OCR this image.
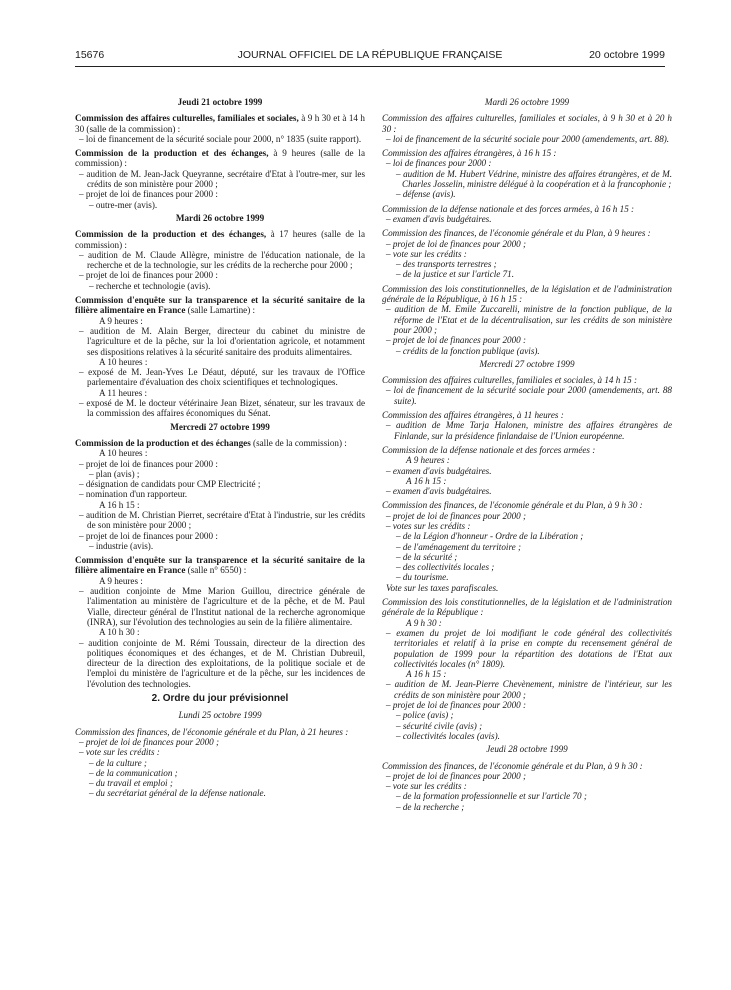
15676	JOURNAL OFFICIEL DE LA RÉPUBLIQUE FRANÇAISE	20 octobre 1999

Jeudi 21 octobre 1999

Commission des affaires culturelles, familiales et sociales, à 9 h 30 et à 14 h 30 (salle de la commission) :

– loi de financement de la sécurité sociale pour 2000, n° 1835 (suite rapport).

Commission de la production et des échanges, à 9 heures (salle de la commission) :

– audition de M. Jean-Jack Queyranne, secrétaire d'Etat à l'outre-mer, sur les crédits de son ministère pour 2000 ;

– projet de loi de finances pour 2000 :

– outre-mer (avis).

Mardi 26 octobre 1999

Commission de la production et des échanges, à 17 heures (salle de la commission) :

– audition de M. Claude Allègre, ministre de l'éducation nationale, de la recherche et de la technologie, sur les crédits de la recherche pour 2000 ;

– projet de loi de finances pour 2000 :

– recherche et technologie (avis).

Commission d'enquête sur la transparence et la sécurité sanitaire de la filière alimentaire en France (salle Lamartine) :

A 9 heures :

– audition de M. Alain Berger, directeur du cabinet du ministre de l'agriculture et de la pêche, sur la loi d'orientation agricole, et notamment ses dispositions relatives à la sécurité sanitaire des produits alimentaires.

A 10 heures :

– exposé de M. Jean-Yves Le Déaut, député, sur les travaux de l'Office parlementaire d'évaluation des choix scientifiques et technologiques.

A 11 heures :

– exposé de M. le docteur vétérinaire Jean Bizet, sénateur, sur les travaux de la commission des affaires économiques du Sénat.

Mercredi 27 octobre 1999

Commission de la production et des échanges (salle de la commission) :

A 10 heures :

– projet de loi de finances pour 2000 :

– plan (avis) ;

– désignation de candidats pour CMP Electricité ;

– nomination d'un rapporteur.

A 16 h 15 :

– audition de M. Christian Pierret, secrétaire d'Etat à l'industrie, sur les crédits de son ministère pour 2000 ;

– projet de loi de finances pour 2000 :

– industrie (avis).

Commission d'enquête sur la transparence et la sécurité sanitaire de la filière alimentaire en France (salle n° 6550) :

A 9 heures :

– audition conjointe de Mme Marion Guillou, directrice générale de l'alimentation au ministère de l'agriculture et de la pêche, et de M. Paul Vialle, directeur général de l'Institut national de la recherche agronomique (INRA), sur l'évolution des technologies au sein de la filière alimentaire.

A 10 h 30 :

– audition conjointe de M. Rémi Toussain, directeur de la direction des politiques économiques et des échanges, et de M. Christian Dubreuil, directeur de la direction des exploitations, de la politique sociale et de l'emploi du ministère de l'agriculture et de la pêche, sur les incidences de l'évolution des technologies.

2. Ordre du jour prévisionnel

Lundi 25 octobre 1999

Commission des finances, de l'économie générale et du Plan, à 21 heures :

– projet de loi de finances pour 2000 ;

– vote sur les crédits :

– de la culture ;

– de la communication ;

– du travail et emploi ;

– du secrétariat général de la défense nationale.

Mardi 26 octobre 1999

Commission des affaires culturelles, familiales et sociales, à 9 h 30 et à 20 h 30 :

– loi de financement de la sécurité sociale pour 2000 (amendements, art. 88).

Commission des affaires étrangères, à 16 h 15 :

– loi de finances pour 2000 :

– audition de M. Hubert Védrine, ministre des affaires étrangères, et de M. Charles Josselin, ministre délégué à la coopération et à la francophonie ;

– défense (avis).

Commission de la défense nationale et des forces armées, à 16 h 15 :

– examen d'avis budgétaires.

Commission des finances, de l'économie générale et du Plan, à 9 heures :

– projet de loi de finances pour 2000 ;

– vote sur les crédits :

– des transports terrestres ;

– de la justice et sur l'article 71.

Commission des lois constitutionnelles, de la législation et de l'administration générale de la République, à 16 h 15 :

– audition de M. Emile Zuccarelli, ministre de la fonction publique, de la réforme de l'Etat et de la décentralisation, sur les crédits de son ministère pour 2000 ;

– projet de loi de finances pour 2000 :

– crédits de la fonction publique (avis).

Mercredi 27 octobre 1999

Commission des affaires culturelles, familiales et sociales, à 14 h 15 :

– loi de financement de la sécurité sociale pour 2000 (amendements, art. 88 suite).

Commission des affaires étrangères, à 11 heures :

– audition de Mme Tarja Halonen, ministre des affaires étrangères de Finlande, sur la présidence finlandaise de l'Union européenne.

Commission de la défense nationale et des forces armées :

A 9 heures :

– examen d'avis budgétaires.

A 16 h 15 :

– examen d'avis budgétaires.

Commission des finances, de l'économie générale et du Plan, à 9 h 30 :

– projet de loi de finances pour 2000 ;

– votes sur les crédits :

– de la Légion d'honneur - Ordre de la Libération ;

– de l'aménagement du territoire ;

– de la sécurité ;

– des collectivités locales ;

– du tourisme.

Vote sur les taxes parafiscales.

Commission des lois constitutionnelles, de la législation et de l'administration générale de la République :

A 9 h 30 :

– examen du projet de loi modifiant le code général des collectivités territoriales et relatif à la prise en compte du recensement général de population de 1999 pour la répartition des dotations de l'Etat aux collectivités locales (n° 1809).

A 16 h 15 :

– audition de M. Jean-Pierre Chevènement, ministre de l'intérieur, sur les crédits de son ministère pour 2000 ;

– projet de loi de finances pour 2000 :

– police (avis) ;

– sécurité civile (avis) ;

– collectivités locales (avis).

Jeudi 28 octobre 1999

Commission des finances, de l'économie générale et du Plan, à 9 h 30 :

– projet de loi de finances pour 2000 ;

– vote sur les crédits :

– de la formation professionnelle et sur l'article 70 ;

– de la recherche ;
